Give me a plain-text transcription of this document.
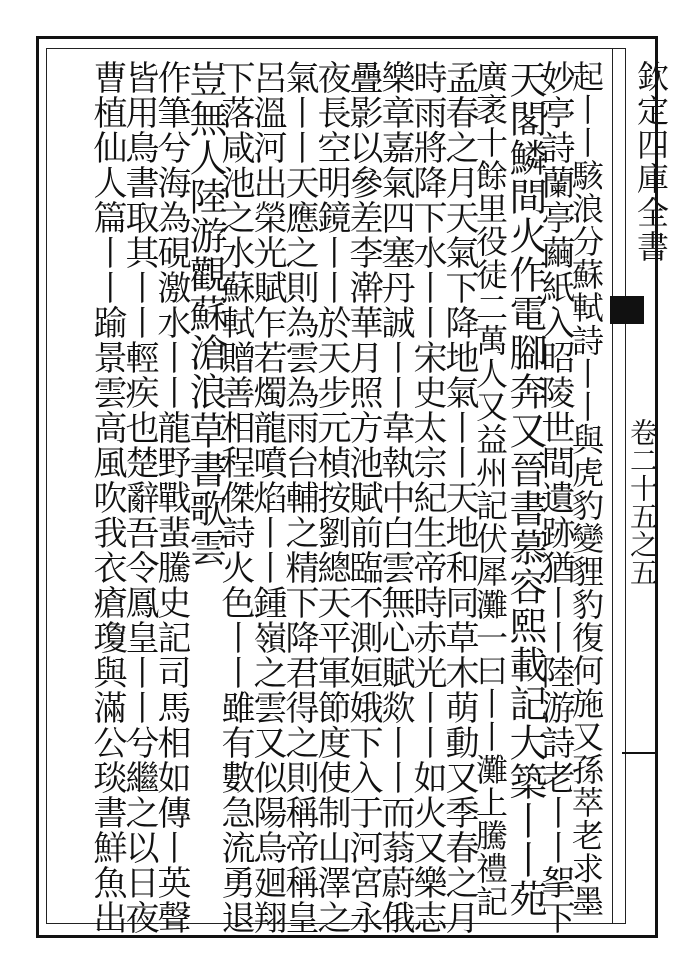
欽定四庫全書
卷二十五之五
起丨丨駭浪分蘇軾詩丨丨與虎豹變貍豹復何施又孫萃老求墨
妙亭詩蘭亭繭紙入昭陵世間遺跡猶丨丨陸游詩老丨丨挐下
天閣鱗間火作電腳奔又晉書慕容熙載記大築丨丨苑
廣袤十餘里役徒二萬人又益州記伏犀灘一曰丨丨灘上騰禮記
孟春之月天氣下降地氣丨丨天地和同草木萌動又季春之月
時雨將降下水丨丨宋史太宗紀生帝時赤光丨丨如火又樂志
樂章嘉氣四塞丹誠丨丨韋執中白雲無心賦欻丨丨而蓊蔚俄
疊影以參差李澣華月照方池賦前臨不測姮娥下入于河宮永
夜長空明鏡丨丨於天步元楨按劉總天平軍節度使制山澤之
氣丨丨天應之則為雲為雨台輔之精下降君得之則稱帝稱皇
呂溫河出榮光賦乍若燭龍噴焰丨丨鍾嶺之雲又似陽烏廻翔
下落咸池之水蘇軾贈善相程傑詩火色丨丨雖有數急流勇退
豈無人陸游觀蘇滄浪草書歌雲
作筆兮海為硯激水丨丨龍野戰蜚騰史記司馬相如傳丨英聲
皆用鳥書取其丨丨輕疾也楚辭吾令鳳皇丨丨兮繼之以日夜
曹植仙人篇丨丨踰景雲高風吹我衣瘡瓊與滿公琰書鮮魚出
